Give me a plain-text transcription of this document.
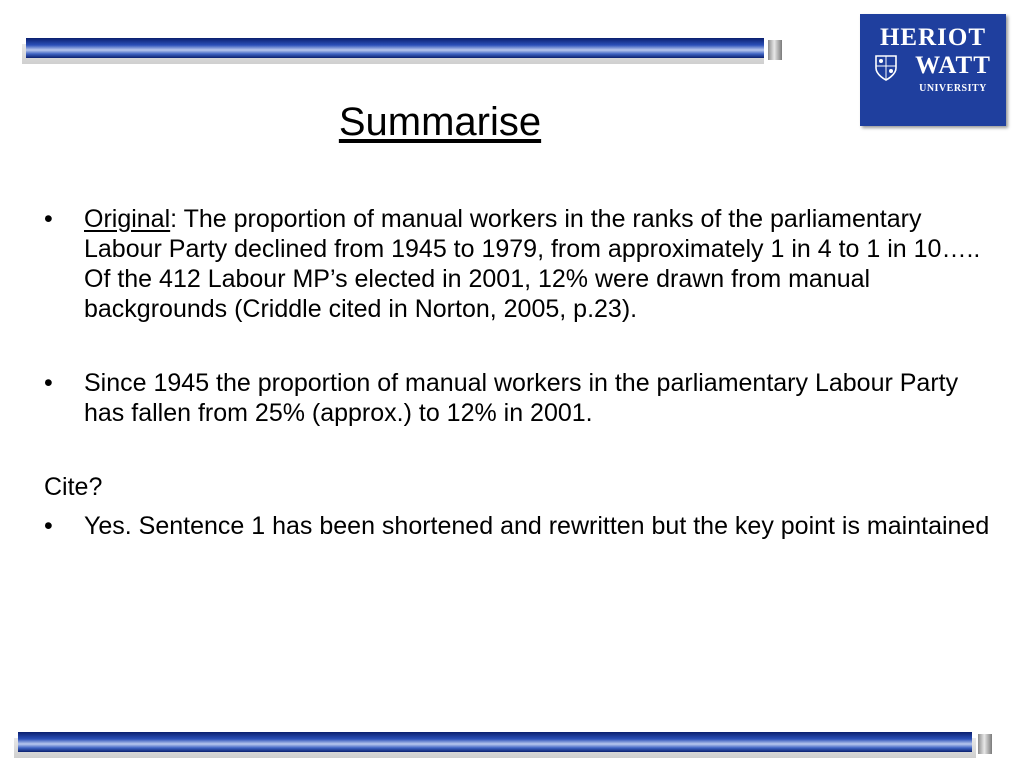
HERIOT
WATT
UNIVERSITY
Summarise
• Original: The proportion of manual workers in the ranks of the parliamentary Labour Party declined from 1945 to 1979, from approximately 1 in 4 to 1 in 10….. Of the 412 Labour MP’s elected in 2001, 12% were drawn from manual backgrounds (Criddle cited in Norton, 2005, p.23).
• Since 1945 the proportion of manual workers in the parliamentary Labour Party has fallen from 25% (approx.) to 12% in 2001.
Cite?
• Yes. Sentence 1 has been shortened and rewritten but the key point is maintained
